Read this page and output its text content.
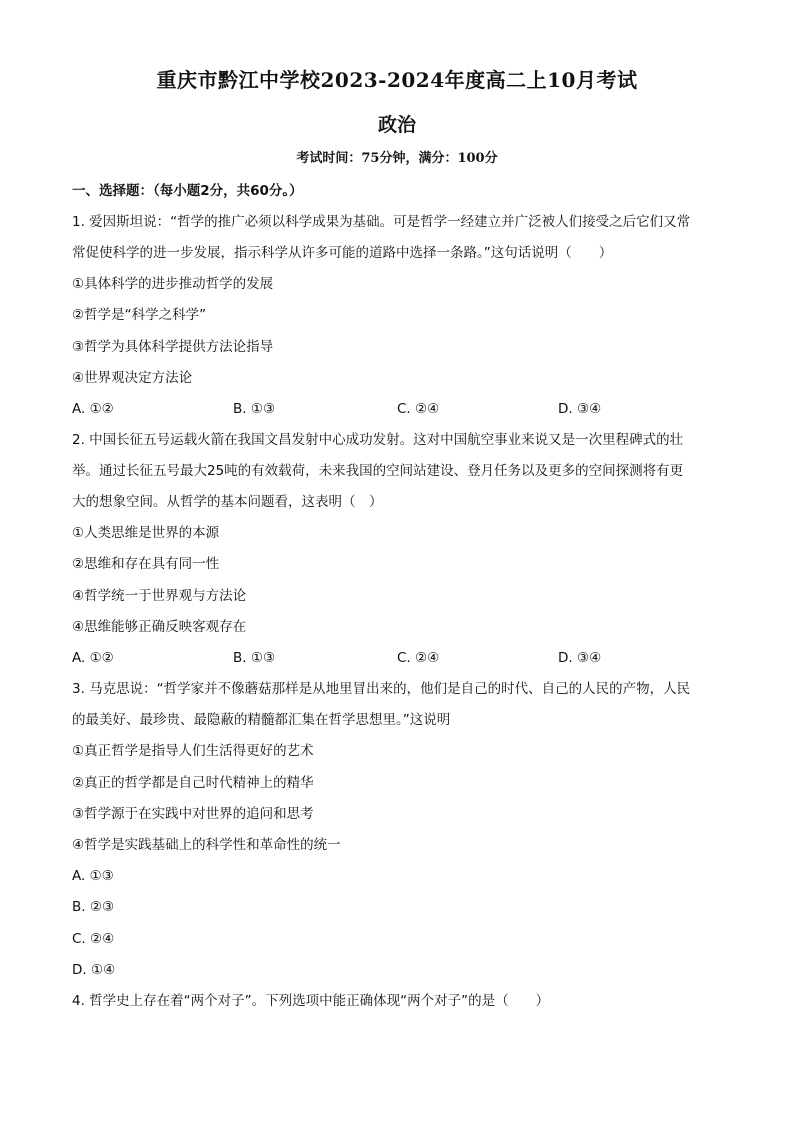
重庆市黔江中学校2023-2024年度高二上10月考试
政治
考试时间：75分钟，满分：100分
一、选择题：（每小题2分，共60分。）
1. 爱因斯坦说：“哲学的推广必须以科学成果为基础。可是哲学一经建立并广泛被人们接受之后它们又常
常促使科学的进一步发展，指示科学从许多可能的道路中选择一条路。”这句话说明（　　）
①具体科学的进步推动哲学的发展
②哲学是“科学之科学”
③哲学为具体科学提供方法论指导
④世界观决定方法论
A. ①②	B. ①③	C. ②④	D. ③④
2. 中国长征五号运载火箭在我国文昌发射中心成功发射。这对中国航空事业来说又是一次里程碑式的壮
举。通过长征五号最大25吨的有效载荷，未来我国的空间站建设、登月任务以及更多的空间探测将有更
大的想象空间。从哲学的基本问题看，这表明（　）
①人类思维是世界的本源
②思维和存在具有同一性
④哲学统一于世界观与方法论
④思维能够正确反映客观存在
A. ①②	B. ①③	C. ②④	D. ③④
3. 马克思说：“哲学家并不像蘑菇那样是从地里冒出来的，他们是自己的时代、自己的人民的产物，人民
的最美好、最珍贵、最隐蔽的精髓都汇集在哲学思想里。”这说明
①真正哲学是指导人们生活得更好的艺术
②真正的哲学都是自己时代精神上的精华
③哲学源于在实践中对世界的追问和思考
④哲学是实践基础上的科学性和革命性的统一
A. ①③
B. ②③
C. ②④
D. ①④
4. 哲学史上存在着“两个对子”。下列选项中能正确体现“两个对子”的是（　　）
